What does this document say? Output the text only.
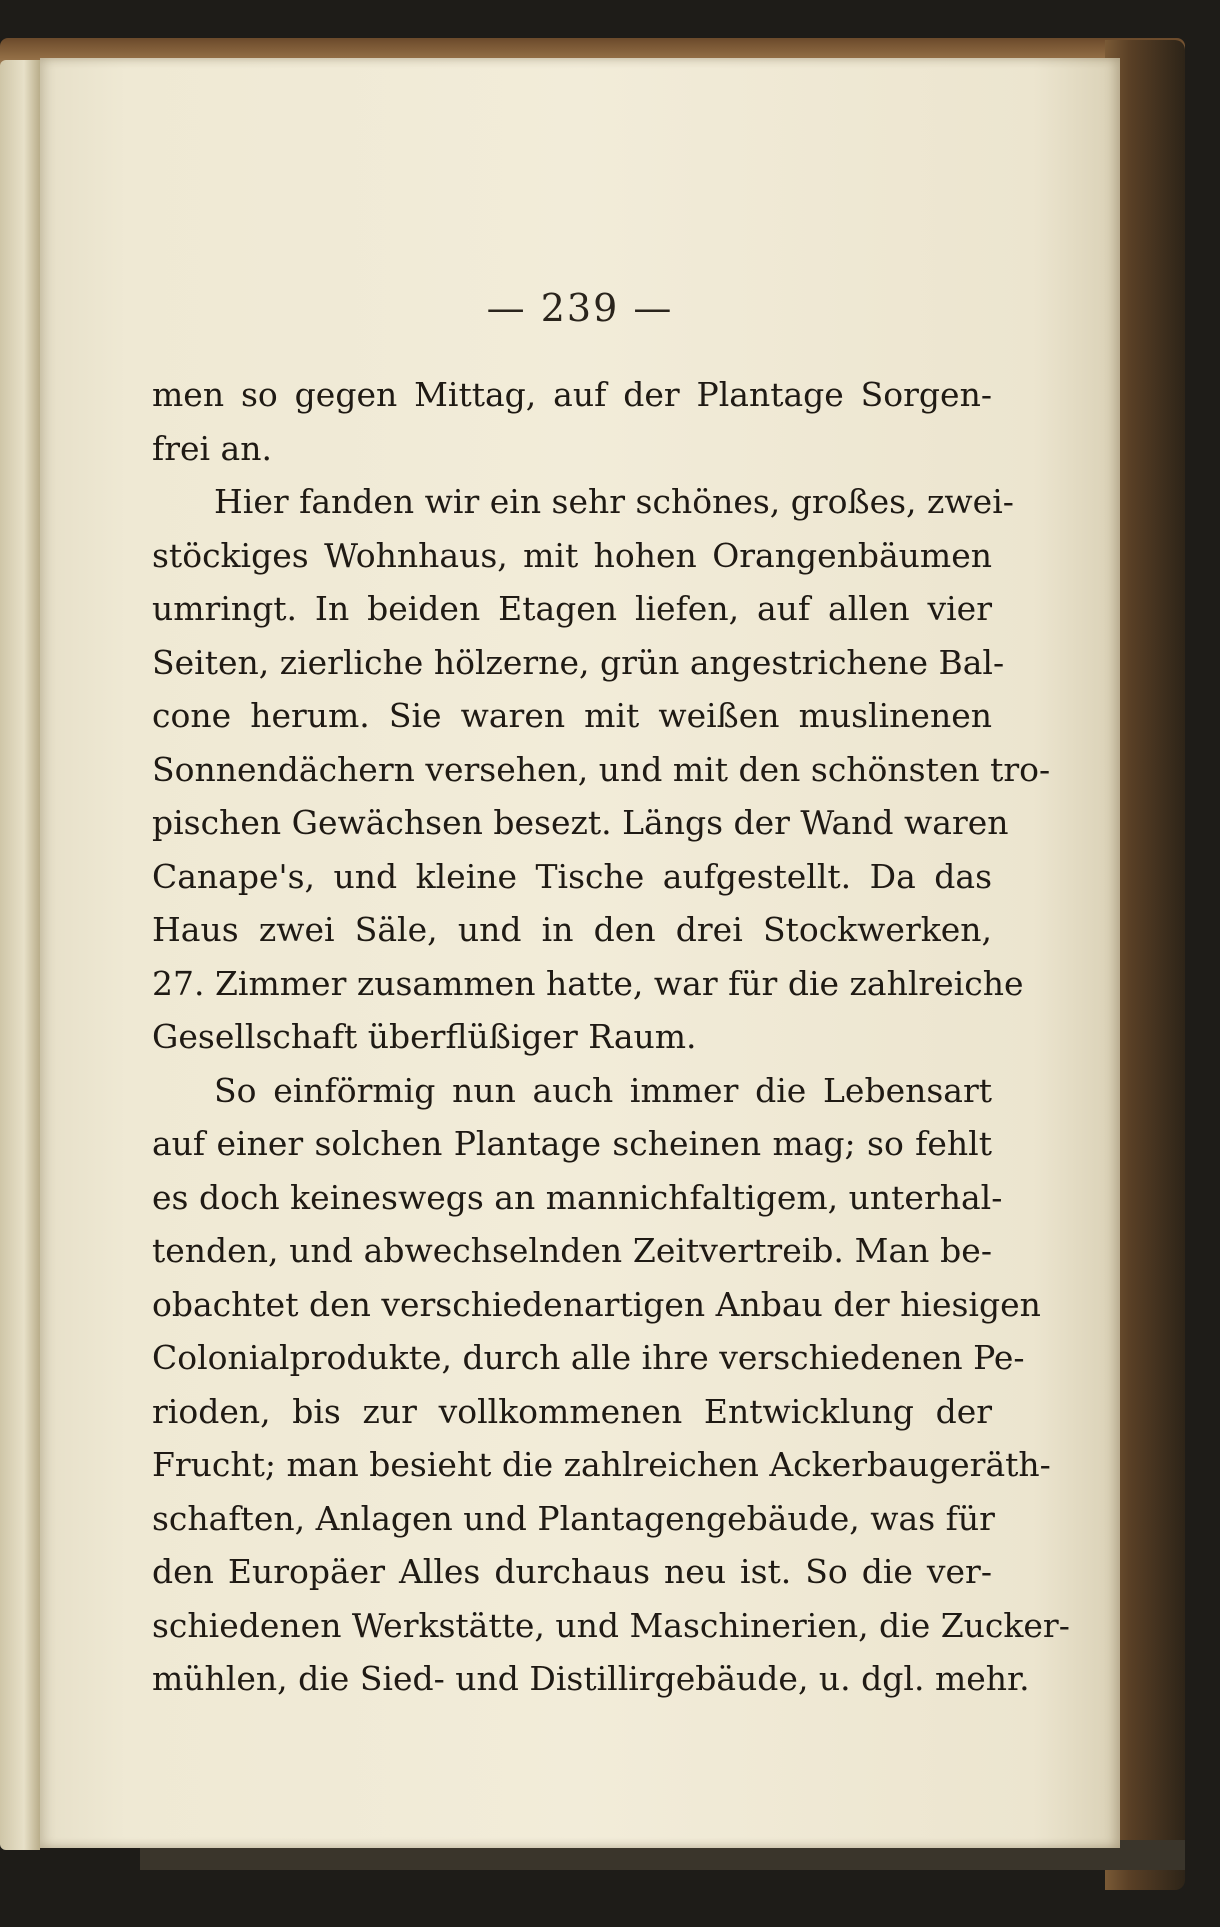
— 239 —
men so gegen Mittag, auf der Plantage Sorgen-
frei an.
Hier fanden wir ein sehr schönes, großes, zwei-
stöckiges Wohnhaus, mit hohen Orangenbäumen
umringt. In beiden Etagen liefen, auf allen vier
Seiten, zierliche hölzerne, grün angestrichene Bal-
cone herum. Sie waren mit weißen muslinenen
Sonnendächern versehen, und mit den schönsten tro-
pischen Gewächsen besezt. Längs der Wand waren
Canape's, und kleine Tische aufgestellt. Da das
Haus zwei Säle, und in den drei Stockwerken,
27. Zimmer zusammen hatte, war für die zahlreiche
Gesellschaft überflüßiger Raum.
So einförmig nun auch immer die Lebensart
auf einer solchen Plantage scheinen mag; so fehlt
es doch keineswegs an mannichfaltigem, unterhal-
tenden, und abwechselnden Zeitvertreib. Man be-
obachtet den verschiedenartigen Anbau der hiesigen
Colonialprodukte, durch alle ihre verschiedenen Pe-
rioden, bis zur vollkommenen Entwicklung der
Frucht; man besieht die zahlreichen Ackerbaugeräth-
schaften, Anlagen und Plantagengebäude, was für
den Europäer Alles durchaus neu ist. So die ver-
schiedenen Werkstätte, und Maschinerien, die Zucker-
mühlen, die Sied- und Distillirgebäude, u. dgl. mehr.
